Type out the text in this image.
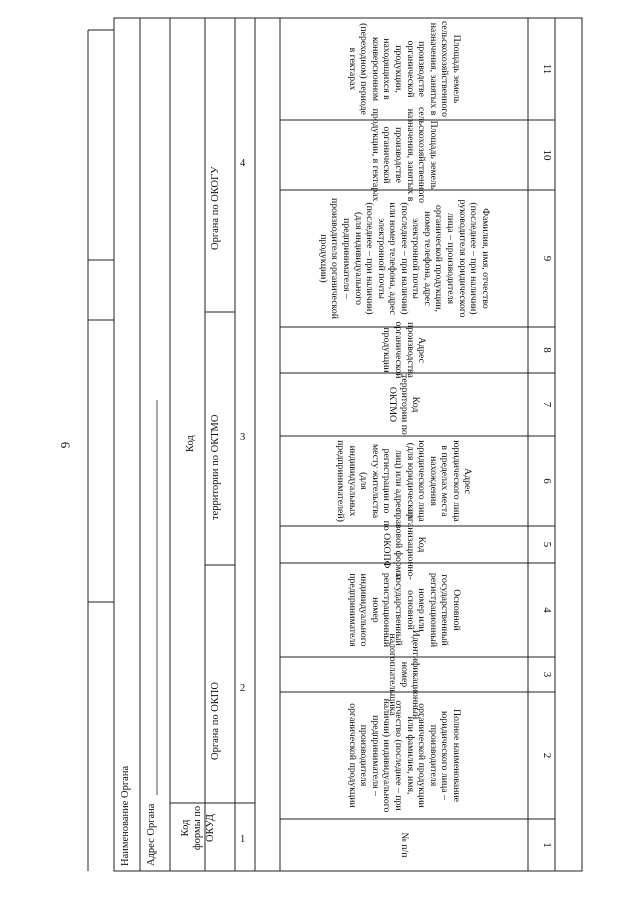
6
Наименование Органа Адрес Органа Код формы по ОКУД
Код
Органа по ОКПО
территории по ОКТМО
Органа по ОКОГУ
1
2
3
4
№ п/п
Полное наименование юридического лица – производителя органической продукции или фамилия, имя, отчество (последнее – при наличии) индивидуального предпринимателя – производителя органической продукции
Идентификационный номер налогоплательщика
Основной государственный регистрационный номер или основной государственный регистрационный номер индивидуального предпринимателя
Код организационно-правовой формы по ОКОПФ
Адрес юридического лица в пределах места нахождения юридического лица (для юридических лиц) или адрес регистрации по месту жительства (для индивидуальных предпринимателей)
Код территории по ОКТМО
Адрес производства органической продукции
Фамилия, имя, отчество (последнее – при наличии) руководителя юридического лица – производителя органической продукции, номер телефона, адрес электронной почты (последнее – при наличии) или номер телефона, адрес электронной почты (последнее – при наличии) (для индивидуального предпринимателя – производителя органической продукции)
Площадь земель сельскохозяйственного назначения, занятых в производстве органической продукции, в гектарах
Площадь земель сельскохозяйственного назначения, занятых в производстве органической продукции, находящихся в конверсионном (переходном) периоде в гектарах
1
2
3
4
5
6
7
8
9
10
11
